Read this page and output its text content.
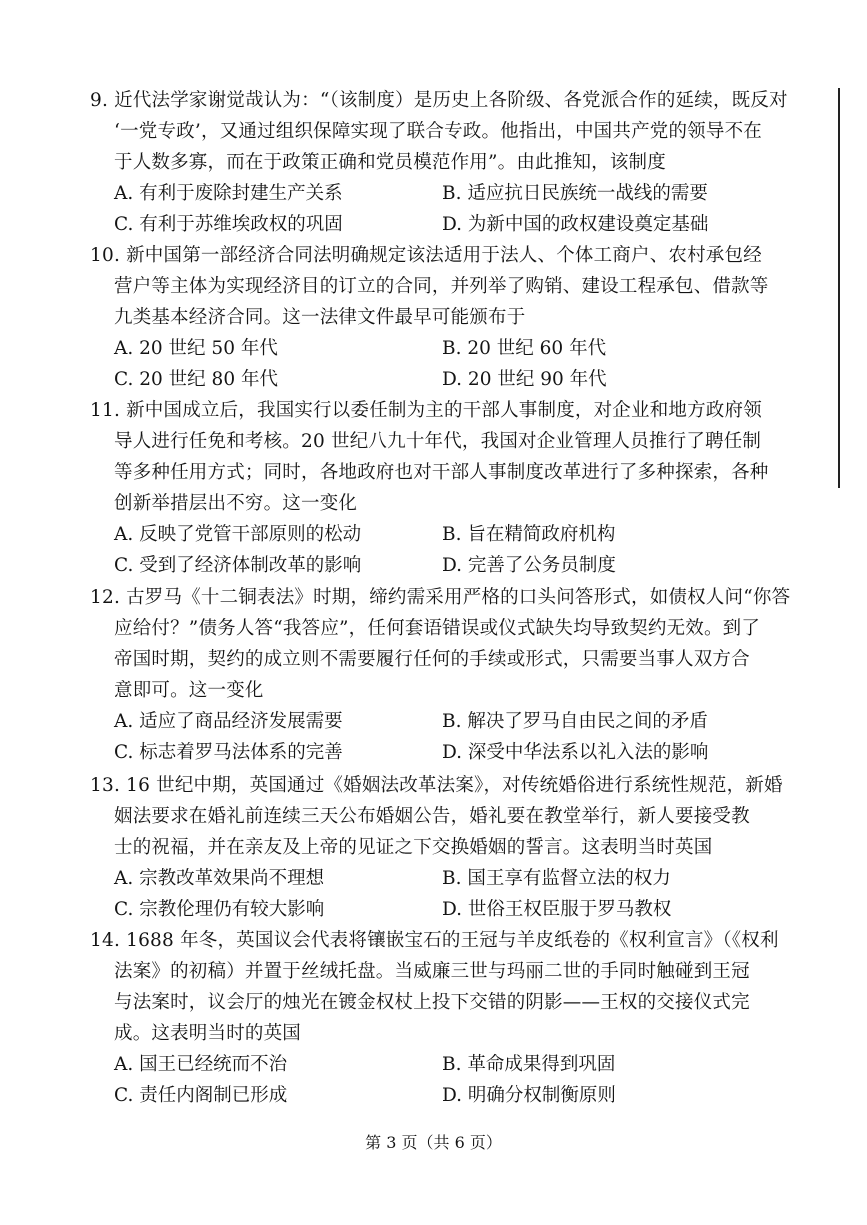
9. 近代法学家谢觉哉认为：“（该制度）是历史上各阶级、各党派合作的延续，既反对
‘一党专政’，又通过组织保障实现了联合专政。他指出，中国共产党的领导不在
于人数多寡，而在于政策正确和党员模范作用”。由此推知，该制度
A. 有利于废除封建生产关系	B. 适应抗日民族统一战线的需要
C. 有利于苏维埃政权的巩固	D. 为新中国的政权建设奠定基础
10. 新中国第一部经济合同法明确规定该法适用于法人、个体工商户、农村承包经
营户等主体为实现经济目的订立的合同，并列举了购销、建设工程承包、借款等
九类基本经济合同。这一法律文件最早可能颁布于
A. 20 世纪 50 年代	B. 20 世纪 60 年代
C. 20 世纪 80 年代	D. 20 世纪 90 年代
11. 新中国成立后，我国实行以委任制为主的干部人事制度，对企业和地方政府领
导人进行任免和考核。20 世纪八九十年代，我国对企业管理人员推行了聘任制
等多种任用方式；同时，各地政府也对干部人事制度改革进行了多种探索，各种
创新举措层出不穷。这一变化
A. 反映了党管干部原则的松动	B. 旨在精简政府机构
C. 受到了经济体制改革的影响	D. 完善了公务员制度
12. 古罗马《十二铜表法》时期，缔约需采用严格的口头问答形式，如债权人问“你答
应给付？”债务人答“我答应”，任何套语错误或仪式缺失均导致契约无效。到了
帝国时期，契约的成立则不需要履行任何的手续或形式，只需要当事人双方合
意即可。这一变化
A. 适应了商品经济发展需要	B. 解决了罗马自由民之间的矛盾
C. 标志着罗马法体系的完善	D. 深受中华法系以礼入法的影响
13. 16 世纪中期，英国通过《婚姻法改革法案》，对传统婚俗进行系统性规范，新婚
姻法要求在婚礼前连续三天公布婚姻公告，婚礼要在教堂举行，新人要接受教
士的祝福，并在亲友及上帝的见证之下交换婚姻的誓言。这表明当时英国
A. 宗教改革效果尚不理想	B. 国王享有监督立法的权力
C. 宗教伦理仍有较大影响	D. 世俗王权臣服于罗马教权
14. 1688 年冬，英国议会代表将镶嵌宝石的王冠与羊皮纸卷的《权利宣言》（《权利
法案》的初稿）并置于丝绒托盘。当威廉三世与玛丽二世的手同时触碰到王冠
与法案时，议会厅的烛光在镀金权杖上投下交错的阴影——王权的交接仪式完
成。这表明当时的英国
A. 国王已经统而不治	B. 革命成果得到巩固
C. 责任内阁制已形成	D. 明确分权制衡原则
第 3 页（共 6 页）
